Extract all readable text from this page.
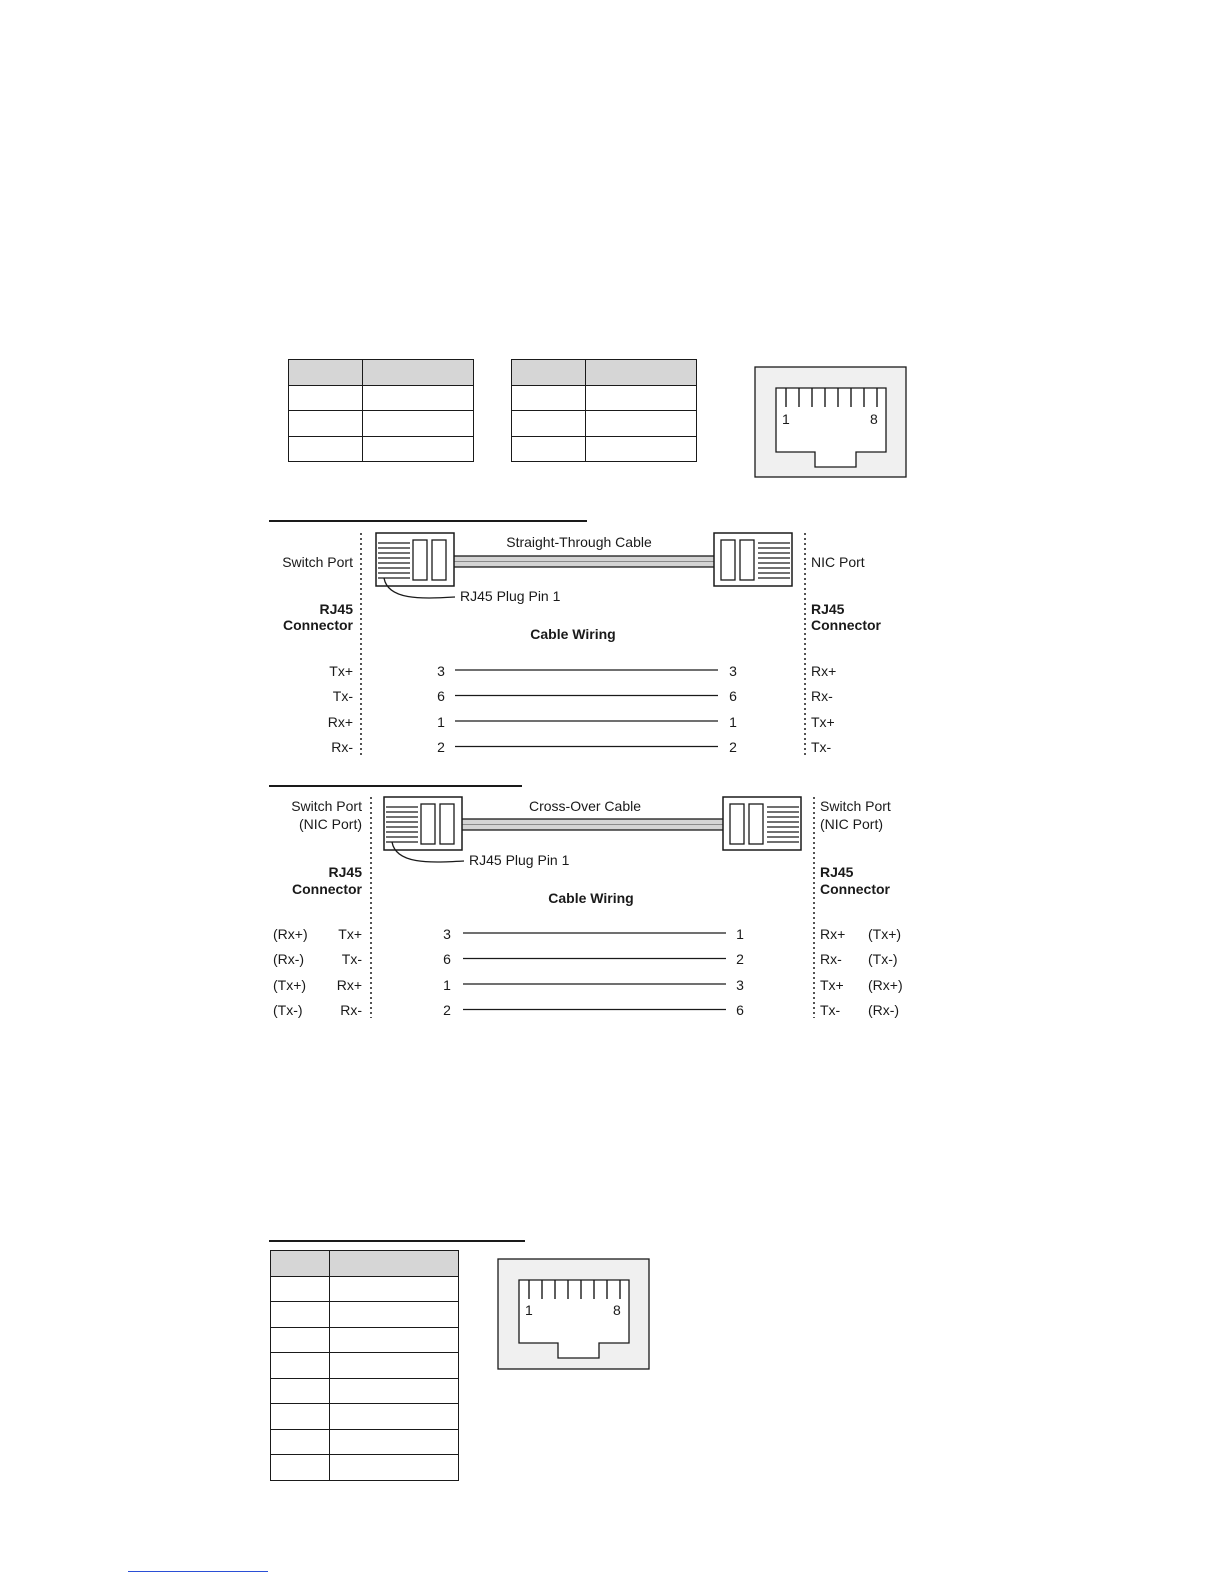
1	8
RJ45 Plug Pin 1
Straight-Through Cable
Switch Port	NIC Port
RJ45
Connector
RJ45
Connector
Cable Wiring
Tx+	3	3	Rx+
Tx-	6	6	Rx-
Rx+	1	1	Tx+
Rx-	2	2	Tx-
RJ45 Plug Pin 1
Cross-Over Cable
Switch Port
(NIC Port)
Switch Port
(NIC Port)
RJ45
Connector
RJ45
Connector
Cable Wiring
(Rx+) Tx+	3	1	Rx+ (Tx+)
(Rx-)	Tx-	6	2	Rx- (Tx-)
(Tx+) Rx+	1	3	Tx+ (Rx+)
(Tx-)	Rx-	2	6	Tx- (Rx-)
1	8
